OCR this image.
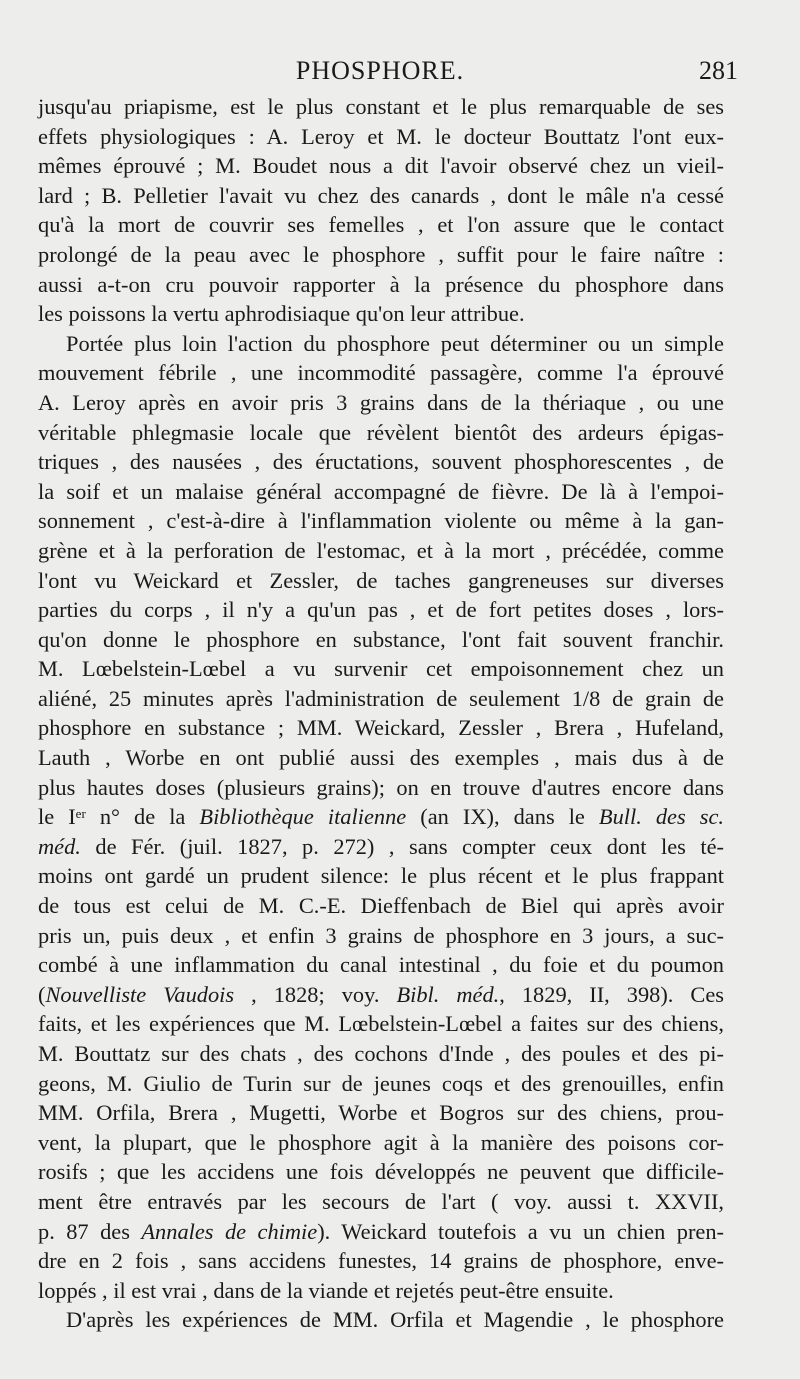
PHOSPHORE.	281
jusqu'au priapisme, est le plus constant et le plus remarquable de ses
effets physiologiques : A. Leroy et M. le docteur Bouttatz l'ont eux-
mêmes éprouvé ; M. Boudet nous a dit l'avoir observé chez un vieil-
lard ; B. Pelletier l'avait vu chez des canards , dont le mâle n'a cessé
qu'à la mort de couvrir ses femelles , et l'on assure que le contact
prolongé de la peau avec le phosphore , suffit pour le faire naître :
aussi a-t-on cru pouvoir rapporter à la présence du phosphore dans
les poissons la vertu aphrodisiaque qu'on leur attribue.
Portée plus loin l'action du phosphore peut déterminer ou un simple
mouvement fébrile , une incommodité passagère, comme l'a éprouvé
A. Leroy après en avoir pris 3 grains dans de la thériaque , ou une
véritable phlegmasie locale que révèlent bientôt des ardeurs épigas-
triques , des nausées , des éructations, souvent phosphorescentes , de
la soif et un malaise général accompagné de fièvre. De là à l'empoi-
sonnement , c'est-à-dire à l'inflammation violente ou même à la gan-
grène et à la perforation de l'estomac, et à la mort , précédée, comme
l'ont vu Weickard et Zessler, de taches gangreneuses sur diverses
parties du corps , il n'y a qu'un pas , et de fort petites doses , lors-
qu'on donne le phosphore en substance, l'ont fait souvent franchir.
M. Lœbelstein-Lœbel a vu survenir cet empoisonnement chez un
aliéné, 25 minutes après l'administration de seulement 1/8 de grain de
phosphore en substance ; MM. Weickard, Zessler , Brera , Hufeland,
Lauth , Worbe en ont publié aussi des exemples , mais dus à de
plus hautes doses (plusieurs grains); on en trouve d'autres encore dans
le Ier n° de la Bibliothèque italienne (an IX), dans le Bull. des sc.
méd. de Fér. (juil. 1827, p. 272) , sans compter ceux dont les té-
moins ont gardé un prudent silence: le plus récent et le plus frappant
de tous est celui de M. C.-E. Dieffenbach de Biel qui après avoir
pris un, puis deux , et enfin 3 grains de phosphore en 3 jours, a suc-
combé à une inflammation du canal intestinal , du foie et du poumon
(Nouvelliste Vaudois , 1828; voy. Bibl. méd., 1829, II, 398). Ces
faits, et les expériences que M. Lœbelstein-Lœbel a faites sur des chiens,
M. Bouttatz sur des chats , des cochons d'Inde , des poules et des pi-
geons, M. Giulio de Turin sur de jeunes coqs et des grenouilles, enfin
MM. Orfila, Brera , Mugetti, Worbe et Bogros sur des chiens, prou-
vent, la plupart, que le phosphore agit à la manière des poisons cor-
rosifs ; que les accidens une fois développés ne peuvent que difficile-
ment être entravés par les secours de l'art ( voy. aussi t. XXVII,
p. 87 des Annales de chimie). Weickard toutefois a vu un chien pren-
dre en 2 fois , sans accidens funestes, 14 grains de phosphore, enve-
loppés , il est vrai , dans de la viande et rejetés peut-être ensuite.
D'après les expériences de MM. Orfila et Magendie , le phosphore
